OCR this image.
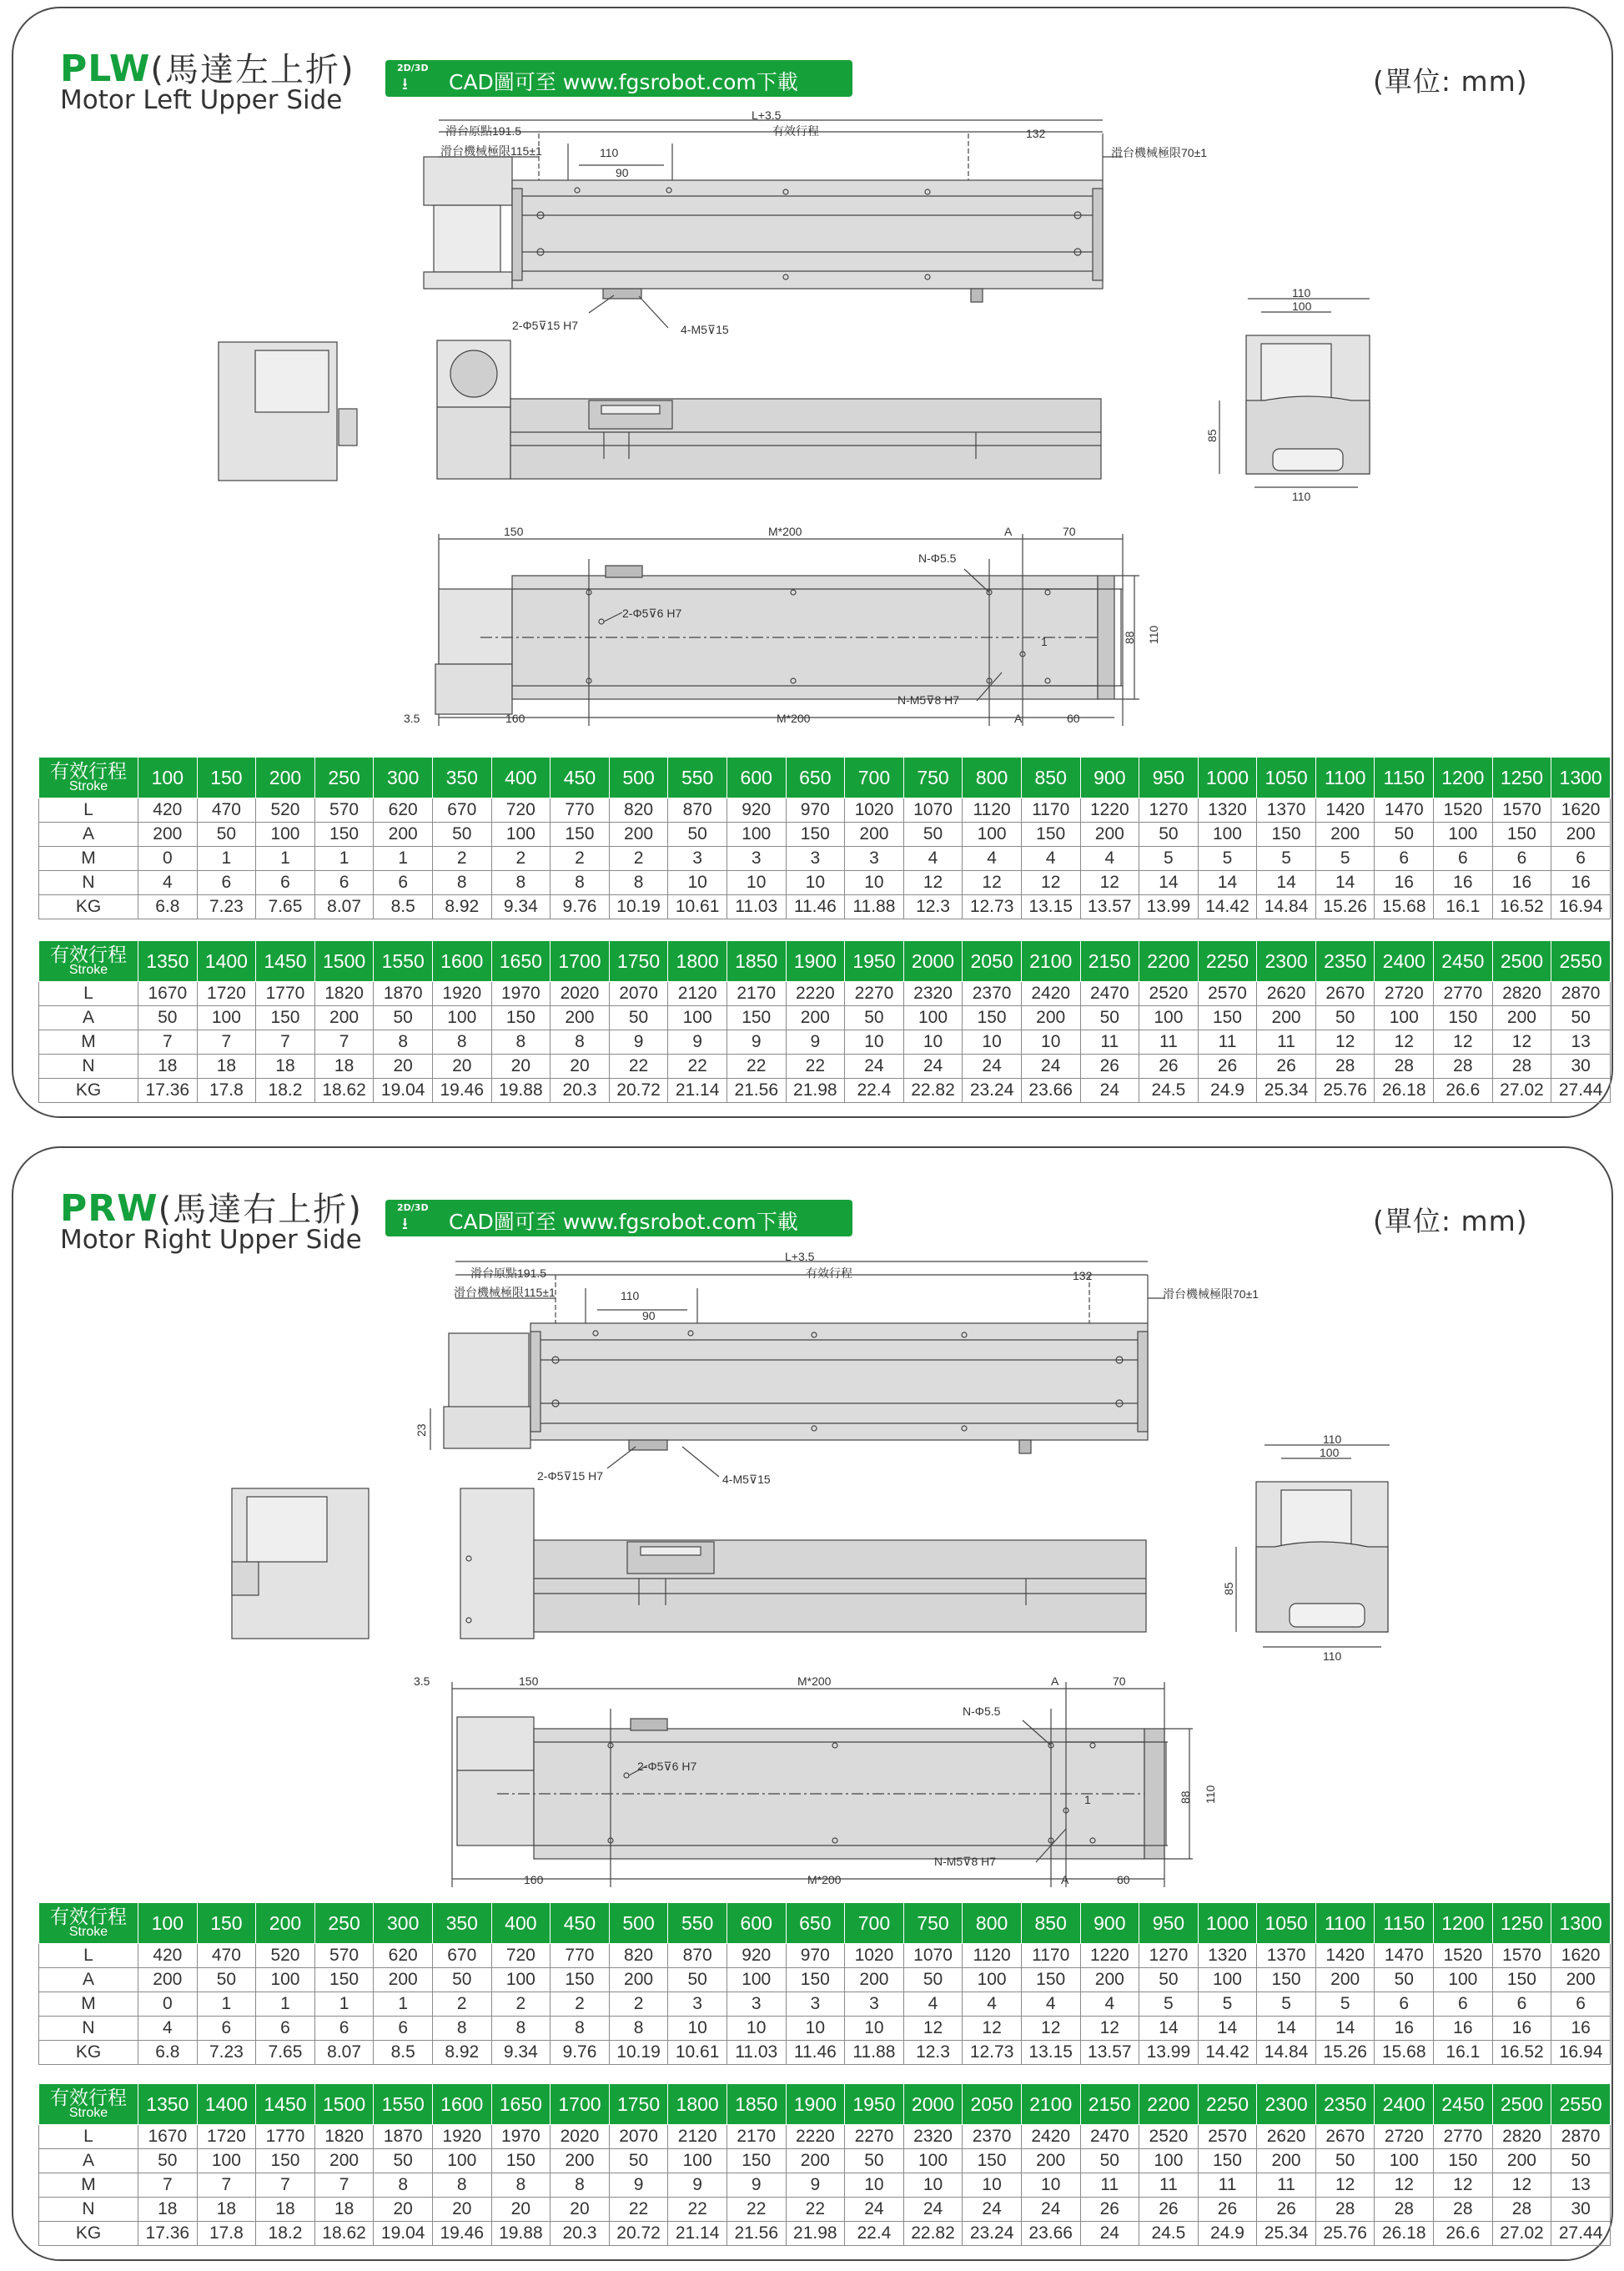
PLW(馬達左上折)
Motor Left Upper Side
2D/3D
⭳ CAD圖可至 www.fgsrobot.com下載	(單位: mm)
L+3.5
滑台原點191.5	有效行程	132
滑台機械極限115±1	滑台機械極限70±1
110
90
2-Φ5⊽15 H7	4-M5⊽15
110
100
85
110
150	M*200	A	70
N-Φ5.5
2-Φ5⊽6 H7
1	88 110
N-M5⊽8 H7
3.5	160	M*200	A	60
有效行程
Stroke	100	150	200	250	300	350	400	450	500	550	600	650	700	750	800	850	900	950	1000	1050	1100	1150	1200	1250	1300
L	420	470	520	570	620	670	720	770	820	870	920	970	1020	1070	1120	1170	1220	1270	1320	1370	1420	1470	1520	1570	1620
A	200	50	100	150	200	50	100	150	200	50	100	150	200	50	100	150	200	50	100	150	200	50	100	150	200
M	0	1	1	1	1	2	2	2	2	3	3	3	3	4	4	4	4	5	5	5	5	6	6	6	6
N	4	6	6	6	6	8	8	8	8	10	10	10	10	12	12	12	12	14	14	14	14	16	16	16	16
KG	6.8	7.23	7.65	8.07	8.5	8.92	9.34	9.76	10.19	10.61	11.03	11.46	11.88	12.3	12.73	13.15	13.57	13.99	14.42	14.84	15.26	15.68	16.1	16.52	16.94
有效行程
Stroke	1350	1400	1450	1500	1550	1600	1650	1700	1750	1800	1850	1900	1950	2000	2050	2100	2150	2200	2250	2300	2350	2400	2450	2500	2550
L	1670	1720	1770	1820	1870	1920	1970	2020	2070	2120	2170	2220	2270	2320	2370	2420	2470	2520	2570	2620	2670	2720	2770	2820	2870
A	50	100	150	200	50	100	150	200	50	100	150	200	50	100	150	200	50	100	150	200	50	100	150	200	50
M	7	7	7	7	8	8	8	8	9	9	9	9	10	10	10	10	11	11	11	11	12	12	12	12	13
N	18	18	18	18	20	20	20	20	22	22	22	22	24	24	24	24	26	26	26	26	28	28	28	28	30
KG	17.36	17.8	18.2	18.62	19.04	19.46	19.88	20.3	20.72	21.14	21.56	21.98	22.4	22.82	23.24	23.66	24	24.5	24.9	25.34	25.76	26.18	26.6	27.02	27.44
PRW(馬達右上折)
Motor Right Upper Side
2D/3D
⭳ CAD圖可至 www.fgsrobot.com下載	(單位: mm)
L+3.5
滑台原點191.5	有效行程	132
滑台機械極限115±1	滑台機械極限70±1
110
90
23
2-Φ5⊽15 H7	4-M5⊽15
110
100
85
110
3.5	150	M*200	A	70
N-Φ5.5
2-Φ5⊽6 H7
1	88 110
N-M5⊽8 H7
160	M*200	A	60
有效行程
Stroke	100	150	200	250	300	350	400	450	500	550	600	650	700	750	800	850	900	950	1000	1050	1100	1150	1200	1250	1300
L	420	470	520	570	620	670	720	770	820	870	920	970	1020	1070	1120	1170	1220	1270	1320	1370	1420	1470	1520	1570	1620
A	200	50	100	150	200	50	100	150	200	50	100	150	200	50	100	150	200	50	100	150	200	50	100	150	200
M	0	1	1	1	1	2	2	2	2	3	3	3	3	4	4	4	4	5	5	5	5	6	6	6	6
N	4	6	6	6	6	8	8	8	8	10	10	10	10	12	12	12	12	14	14	14	14	16	16	16	16
KG	6.8	7.23	7.65	8.07	8.5	8.92	9.34	9.76	10.19	10.61	11.03	11.46	11.88	12.3	12.73	13.15	13.57	13.99	14.42	14.84	15.26	15.68	16.1	16.52	16.94
有效行程
Stroke	1350	1400	1450	1500	1550	1600	1650	1700	1750	1800	1850	1900	1950	2000	2050	2100	2150	2200	2250	2300	2350	2400	2450	2500	2550
L	1670	1720	1770	1820	1870	1920	1970	2020	2070	2120	2170	2220	2270	2320	2370	2420	2470	2520	2570	2620	2670	2720	2770	2820	2870
A	50	100	150	200	50	100	150	200	50	100	150	200	50	100	150	200	50	100	150	200	50	100	150	200	50
M	7	7	7	7	8	8	8	8	9	9	9	9	10	10	10	10	11	11	11	11	12	12	12	12	13
N	18	18	18	18	20	20	20	20	22	22	22	22	24	24	24	24	26	26	26	26	28	28	28	28	30
KG	17.36	17.8	18.2	18.62	19.04	19.46	19.88	20.3	20.72	21.14	21.56	21.98	22.4	22.82	23.24	23.66	24	24.5	24.9	25.34	25.76	26.18	26.6	27.02	27.44
